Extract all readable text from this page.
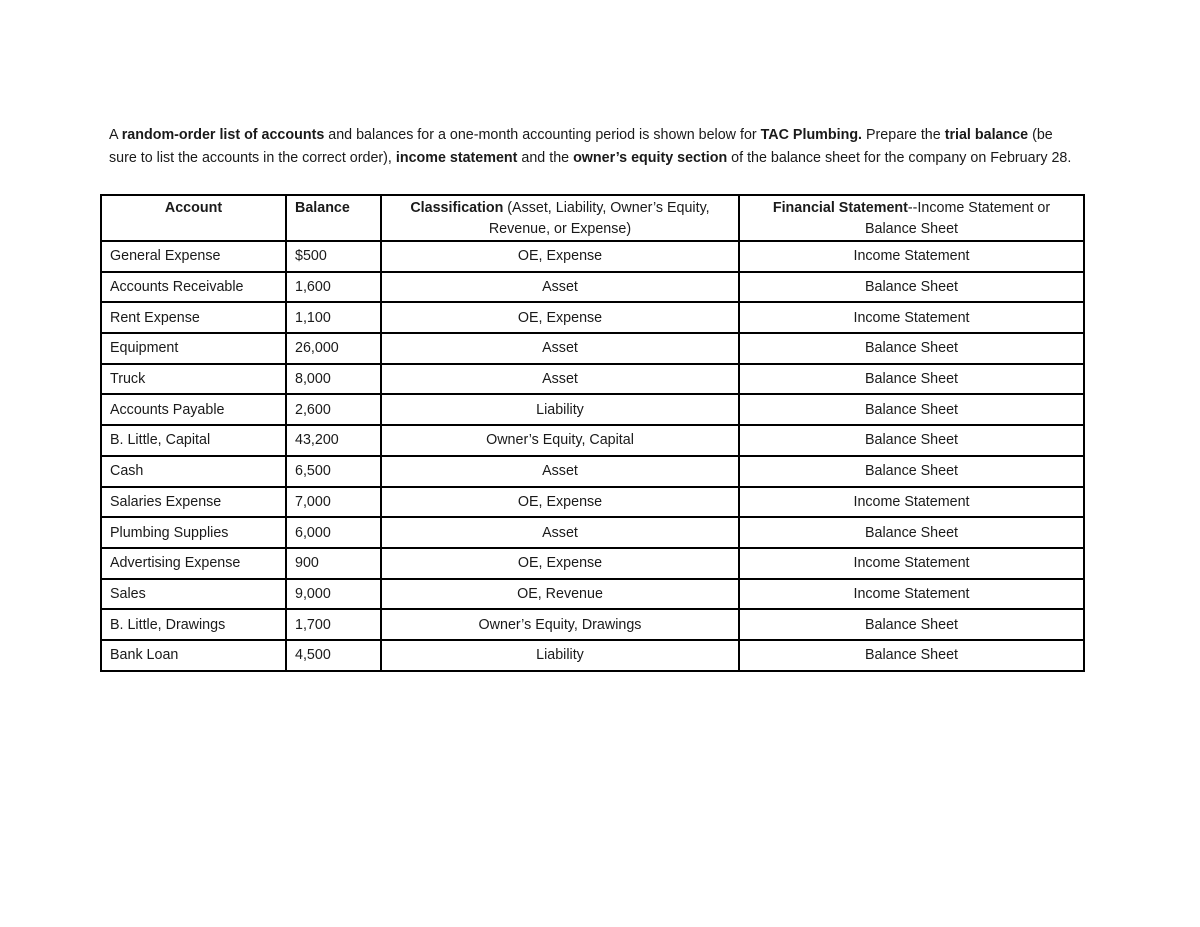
A random-order list of accounts and balances for a one-month accounting period is shown below for TAC Plumbing. Prepare the trial balance (be sure to list the accounts in the correct order), income statement and the owner’s equity section of the balance sheet for the company on February 28.

Account	Balance	Classification (Asset, Liability, Owner’s Equity, Revenue, or Expense)	Financial Statement--Income Statement or Balance Sheet
General Expense	$500	OE, Expense	Income Statement
Accounts Receivable	1,600	Asset	Balance Sheet
Rent Expense	1,100	OE, Expense	Income Statement
Equipment	26,000	Asset	Balance Sheet
Truck	8,000	Asset	Balance Sheet
Accounts Payable	2,600	Liability	Balance Sheet
B. Little, Capital	43,200	Owner’s Equity, Capital	Balance Sheet
Cash	6,500	Asset	Balance Sheet
Salaries Expense	7,000	OE, Expense	Income Statement
Plumbing Supplies	6,000	Asset	Balance Sheet
Advertising Expense	900	OE, Expense	Income Statement
Sales	9,000	OE, Revenue	Income Statement
B. Little, Drawings	1,700	Owner’s Equity, Drawings	Balance Sheet
Bank Loan	4,500	Liability	Balance Sheet
